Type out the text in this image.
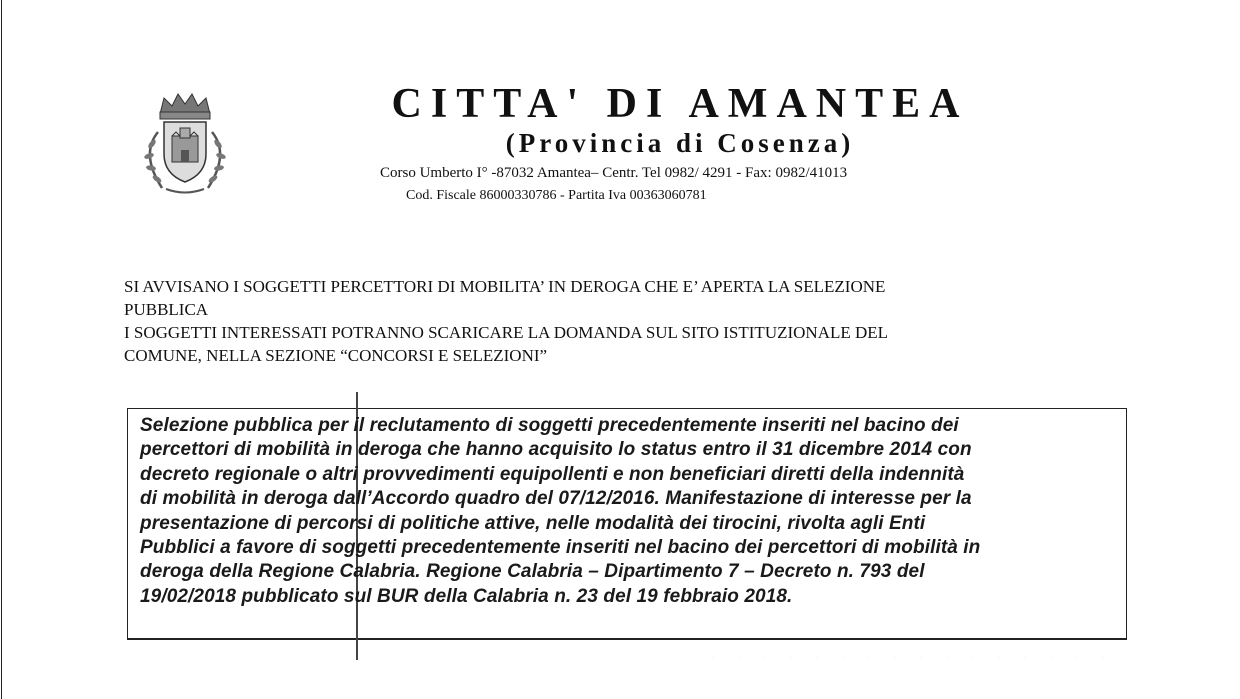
CITTA' DI AMANTEA
(Provincia di Cosenza)
Corso Umberto I° -87032 Amantea– Centr. Tel 0982/ 4291 - Fax: 0982/41013
Cod. Fiscale 86000330786 - Partita Iva 00363060781
SI AVVISANO I SOGGETTI PERCETTORI DI MOBILITA’ IN DEROGA CHE E’ APERTA LA SELEZIONE
PUBBLICA
I SOGGETTI INTERESSATI POTRANNO SCARICARE LA DOMANDA SUL SITO ISTITUZIONALE DEL
COMUNE, NELLA SEZIONE “CONCORSI E SELEZIONI”
Selezione pubblica per il reclutamento di soggetti precedentemente inseriti nel bacino dei
percettori di mobilità in deroga che hanno acquisito lo status entro il 31 dicembre 2014 con
decreto regionale o altri provvedimenti equipollenti e non beneficiari diretti della indennità
di mobilità in deroga dall’Accordo quadro del 07/12/2016. Manifestazione di interesse per la
presentazione di percorsi di politiche attive, nelle modalità dei tirocini, rivolta agli Enti
Pubblici a favore di soggetti precedentemente inseriti nel bacino dei percettori di mobilità in
deroga della Regione Calabria. Regione Calabria – Dipartimento 7 – Decreto n. 793 del
19/02/2018 pubblicato sul BUR della Calabria n. 23 del 19 febbraio 2018.
